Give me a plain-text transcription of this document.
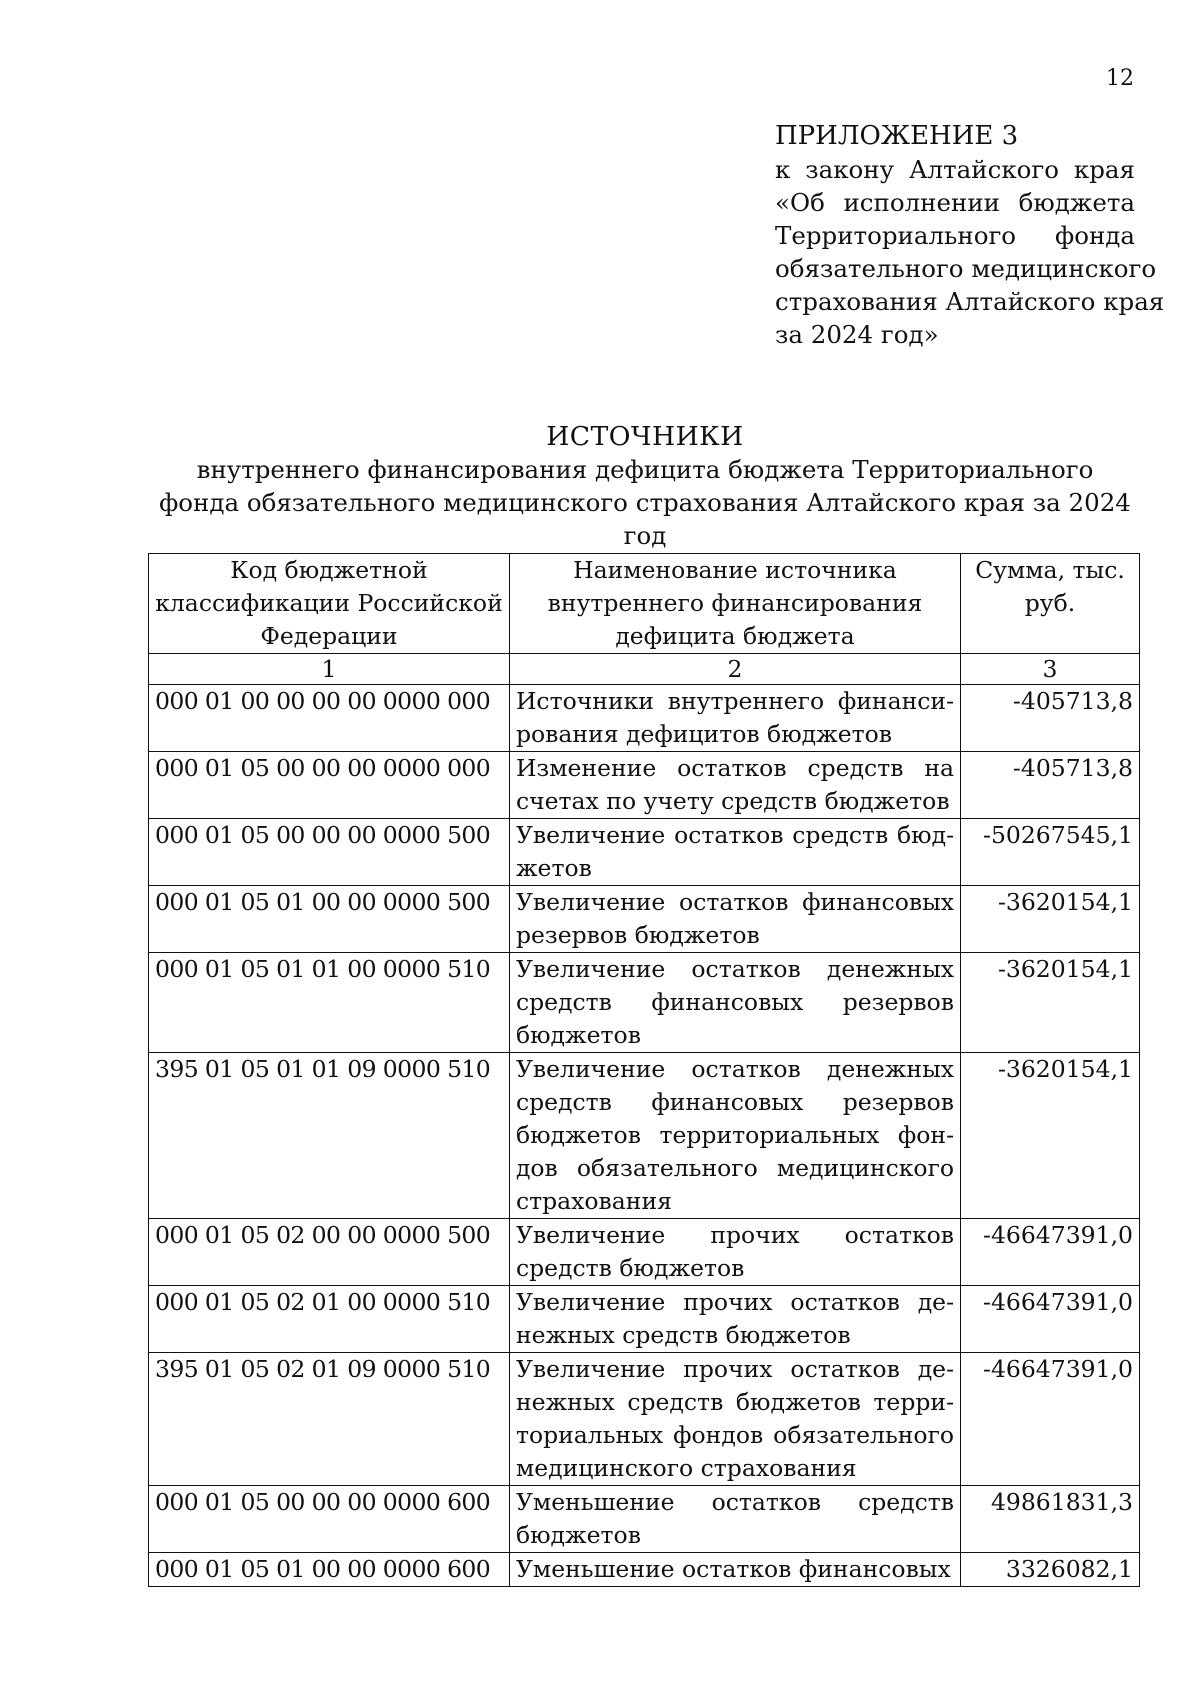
12
ПРИЛОЖЕНИЕ 3
к закону Алтайского края
«Об исполнении бюджета
Территориального фонда
обязательного медицинского
страхования Алтайского края
за 2024 год»
ИСТОЧНИКИ
внутреннего финансирования дефицита бюджета Территориального
фонда обязательного медицинского страхования Алтайского края за 2024 год
Код бюджетной классификации Российской Федерации	Наименование источника внутреннего финансирования дефицита бюджета	Сумма, тыс. руб.
1	2	3
000 01 00 00 00 00 0000 000	Источники внутреннего финансирования дефицитов бюджетов	-405713,8
000 01 05 00 00 00 0000 000	Изменение остатков средств на счетах по учету средств бюджетов	-405713,8
000 01 05 00 00 00 0000 500	Увеличение остатков средств бюджетов	-50267545,1
000 01 05 01 00 00 0000 500	Увеличение остатков финансовых резервов бюджетов	-3620154,1
000 01 05 01 01 00 0000 510	Увеличение остатков денежных средств финансовых резервов бюджетов	-3620154,1
395 01 05 01 01 09 0000 510	Увеличение остатков денежных средств финансовых резервов бюджетов территориальных фондов обязательного медицинского страхования	-3620154,1
000 01 05 02 00 00 0000 500	Увеличение прочих остатков средств бюджетов	-46647391,0
000 01 05 02 01 00 0000 510	Увеличение прочих остатков денежных средств бюджетов	-46647391,0
395 01 05 02 01 09 0000 510	Увеличение прочих остатков денежных средств бюджетов территориальных фондов обязательного медицинского страхования	-46647391,0
000 01 05 00 00 00 0000 600	Уменьшение остатков средств бюджетов	49861831,3
000 01 05 01 00 00 0000 600	Уменьшение остатков финансовых	3326082,1
